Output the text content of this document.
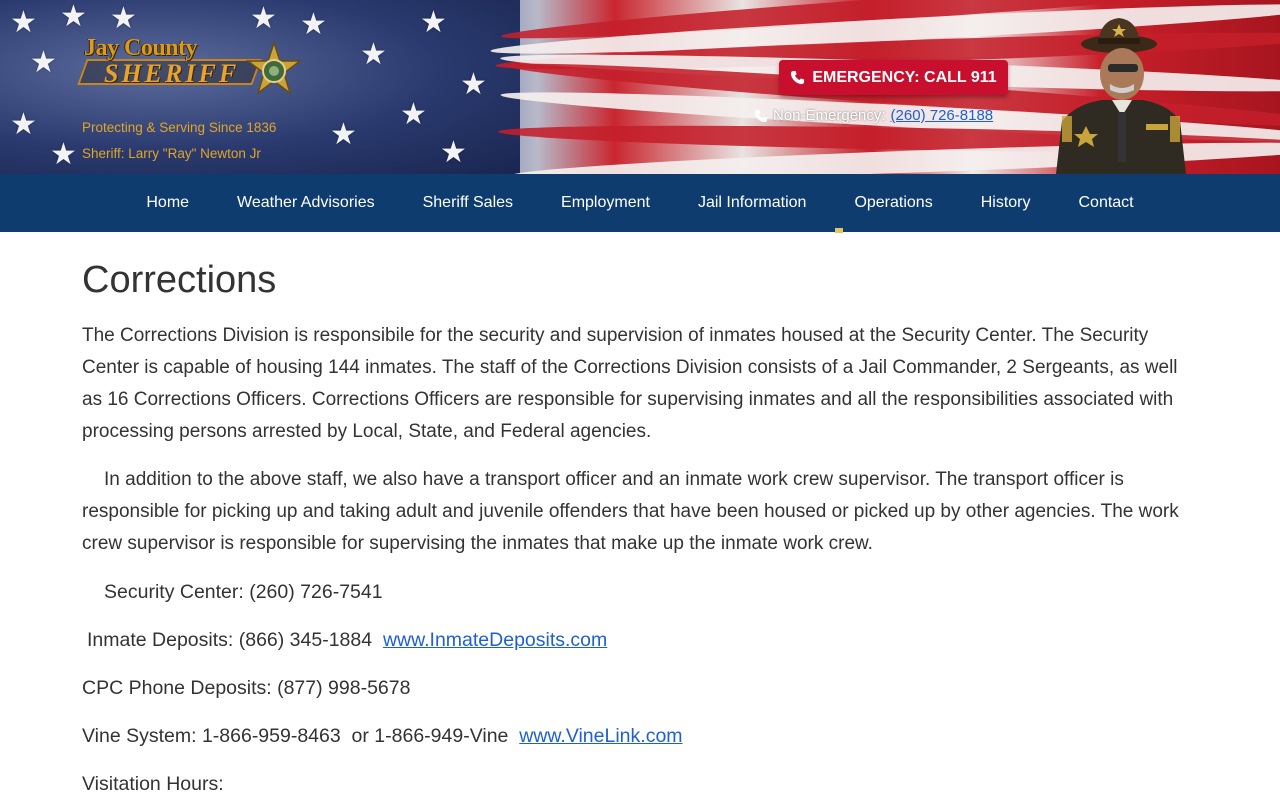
★ ★ ★
★
★
★
★
★
★
★
★
★	★
★
Jay County
SHERIFF
Protecting & Serving Since 1836
Sheriff: Larry "Ray" Newton Jr
EMERGENCY: CALL 911
Non-Emergency: (260) 726-8188
Home	Weather Advisories	Sheriff Sales	Employment	Jail Information	Operations	History	Contact
Corrections

The Corrections Division is responsibile for the security and supervision of inmates housed at the Security Center. The Security Center is capable of housing 144 inmates. The staff of the Corrections Division consists of a Jail Commander, 2 Sergeants, as well as 16 Corrections Officers. Corrections Officers are responsible for supervising inmates and all the responsibilities associated with processing persons arrested by Local, State, and Federal agencies.

In addition to the above staff, we also have a transport officer and an inmate work crew supervisor. The transport officer is responsible for picking up and taking adult and juvenile offenders that have been housed or picked up by other agencies. The work crew supervisor is responsible for supervising the inmates that make up the inmate work crew.

Security Center: (260) 726-7541

Inmate Deposits: (866) 345-1884 www.InmateDeposits.com

CPC Phone Deposits: (877) 998-5678

Vine System: 1-866-959-8463  or 1-866-949-Vine www.VineLink.com

Visitation Hours:
